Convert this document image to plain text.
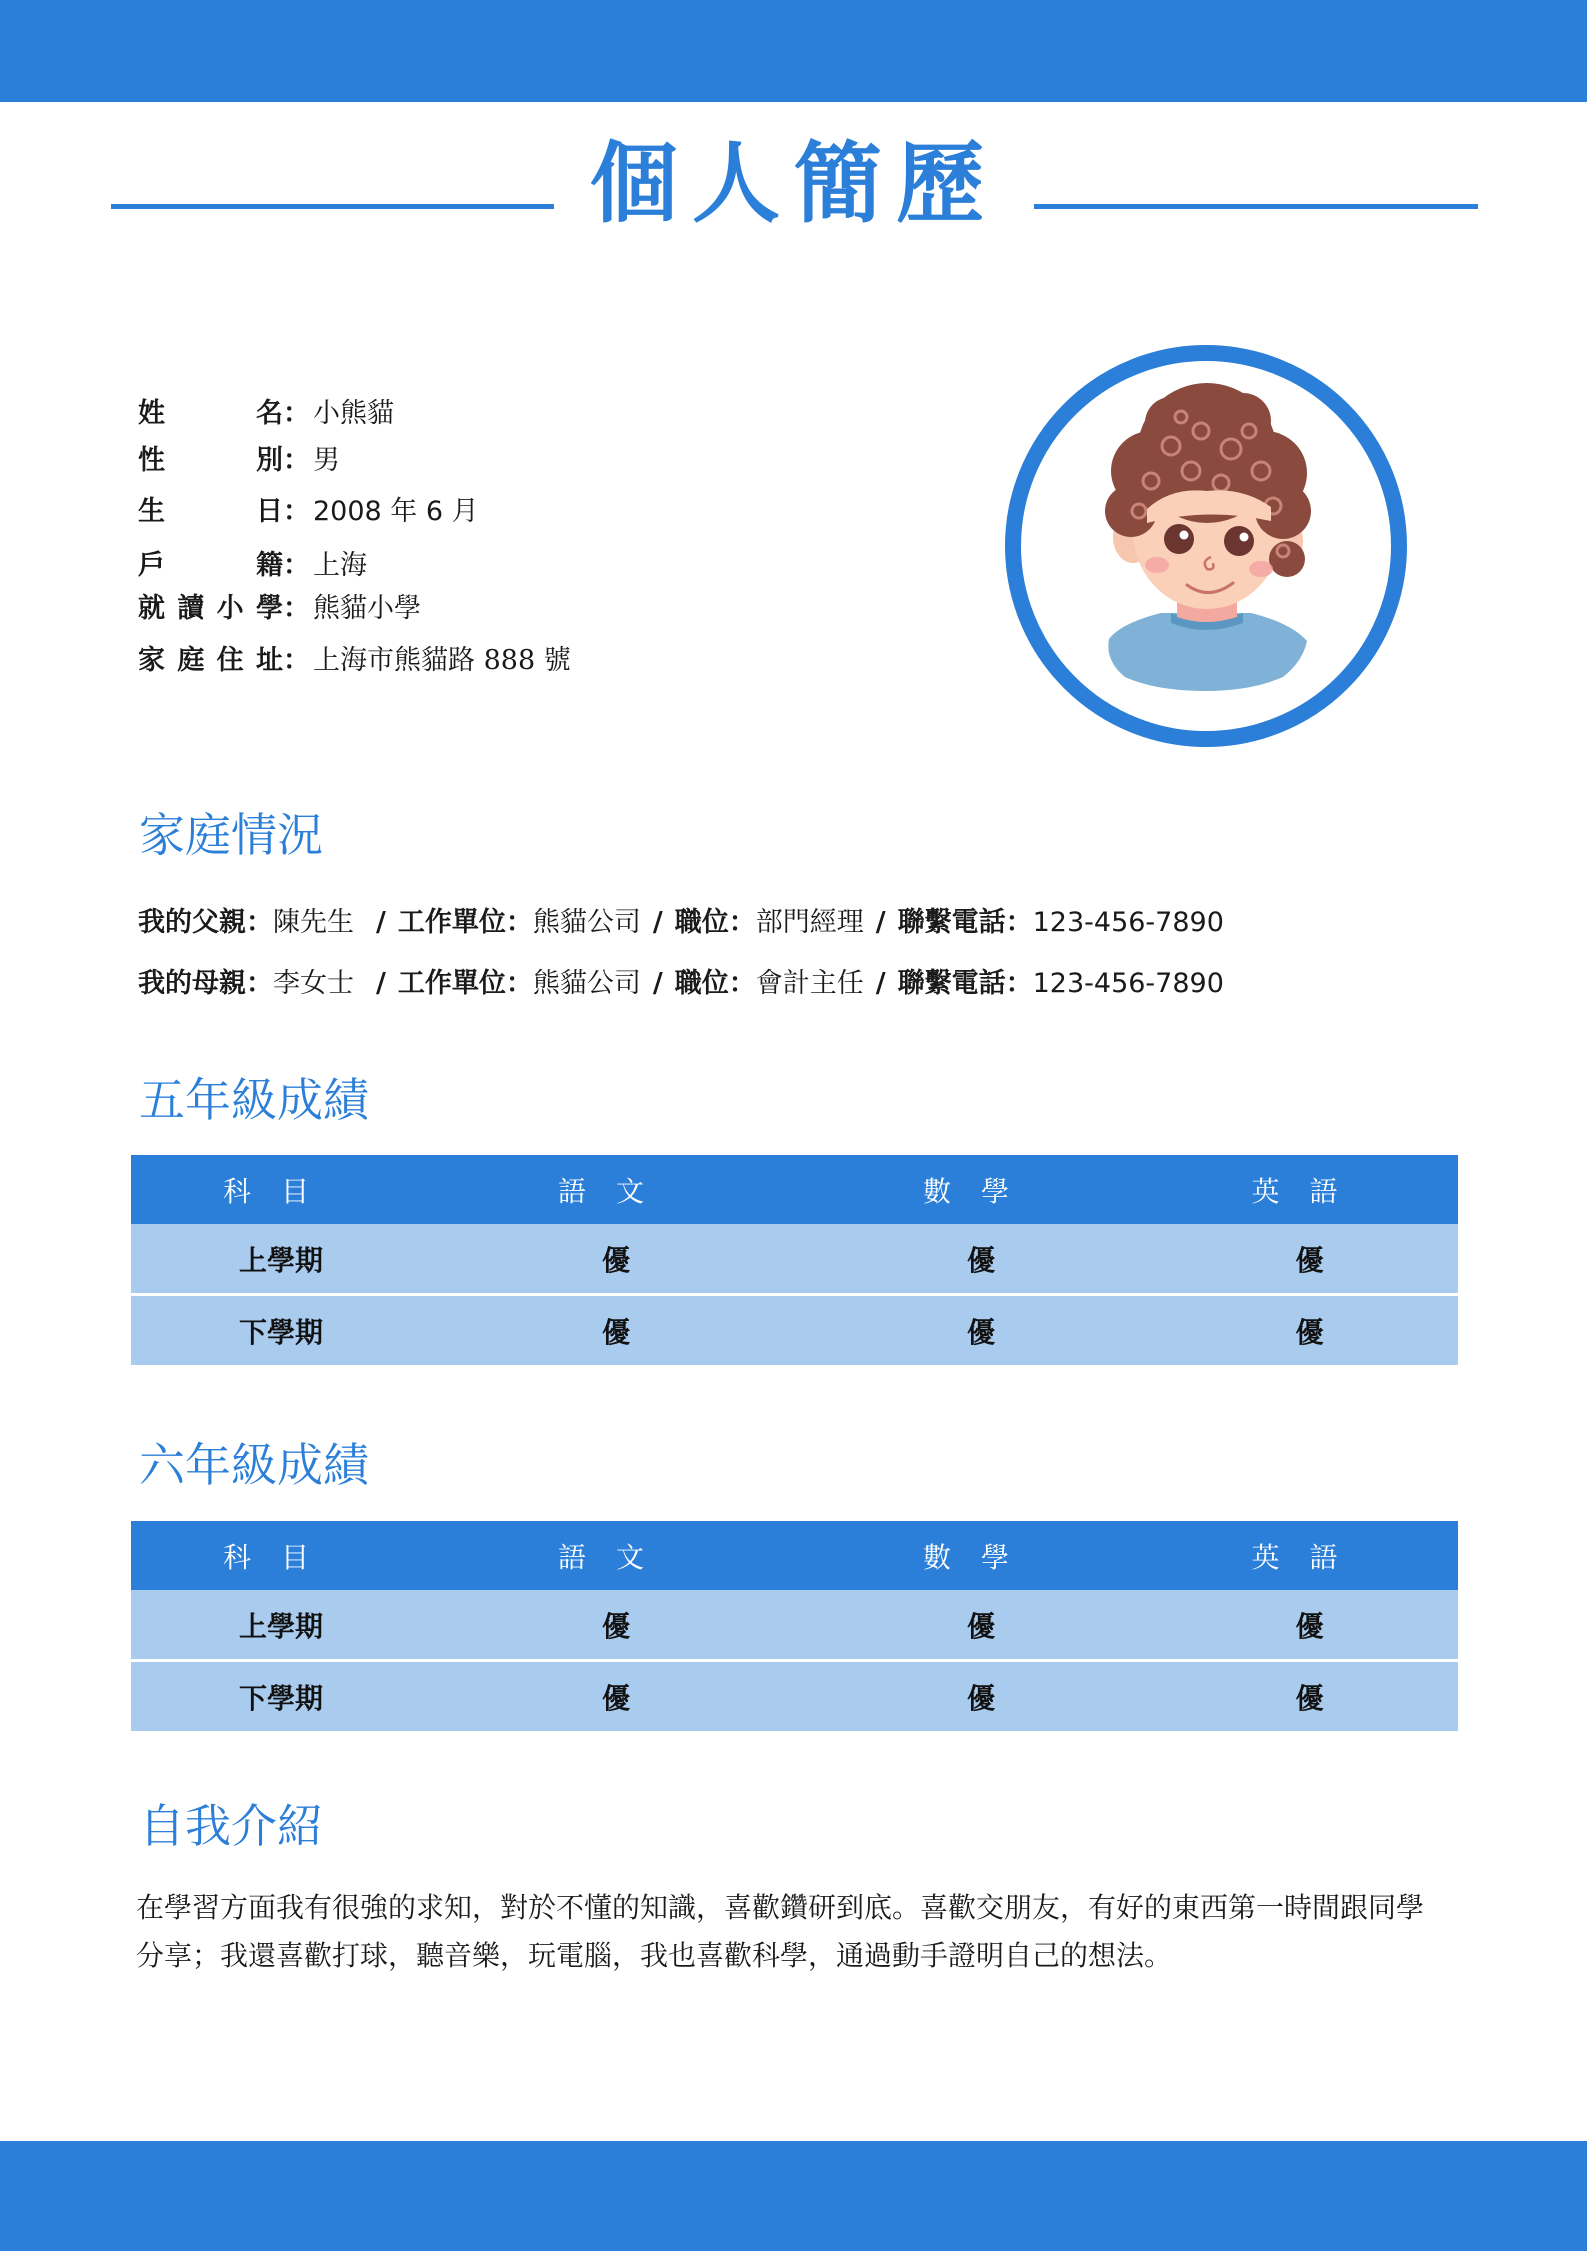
個人簡歷
姓名： 小熊貓
性別： 男
生日： 2008 年 6 月
戶籍： 上海
就讀小學： 熊貓小學
家庭住址： 上海市熊貓路 888 號
家庭情況
我的父親：陳先生 / 工作單位：熊貓公司 / 職位：部門經理 / 聯繫電話：123-456-7890
我的母親：李女士 / 工作單位：熊貓公司 / 職位：會計主任 / 聯繫電話：123-456-7890
五年級成績
科目	語文	數學	英語
上學期	優	優	優
下學期	優	優	優
六年級成績
科目	語文	數學	英語
上學期	優	優	優
下學期	優	優	優
自我介紹
在學習方面我有很強的求知，對於不懂的知識，喜歡鑽研到底。喜歡交朋友，有好的東西第一時間跟同學分享；我還喜歡打球，聽音樂，玩電腦，我也喜歡科學，通過動手證明自己的想法。
